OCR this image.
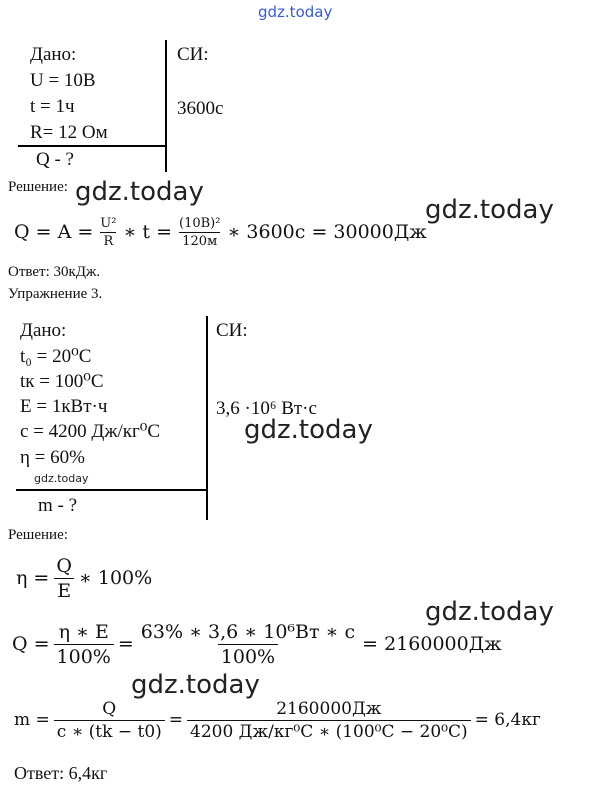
gdz.today
Дано:
U = 10В
t = 1ч
R= 12 Ом
Q - ?
СИ:
3600с
Решение: gdz.today
gdz.today
$Q = A = \frac{\text{U²}}{R}$ ∗ $t = \frac{\text{(10В)²}}{120м}$ ∗ 3600с = 30000Дж
Ответ: 30кДж.
Упражнение 3.
Дано:
t₀ = 20⁰С
tк = 100⁰С
Е = 1кВт·ч
с = 4200 Дж/кг⁰С
η = 60%
gdz.today
m - ?
СИ:
3,6 ·10⁶ Вт·с
gdz.today
Решение:
$\eta = \frac{Q}{E}$ ∗ 100%
gdz.today
$Q = \frac{\eta ∗ E}{100\%} = \frac{\text{63\% ∗ 3,6 ∗ 10⁶Вт ∗ с}}{100\%} = 2160000Дж$
gdz.today
$m = \frac{Q}{c ∗ (tk - t0)} = \frac{2160000Дж}{\text{4200 Дж/кг⁰С ∗ (100⁰С − 20⁰С)}} = 6,4кг$
Ответ: 6,4кг
